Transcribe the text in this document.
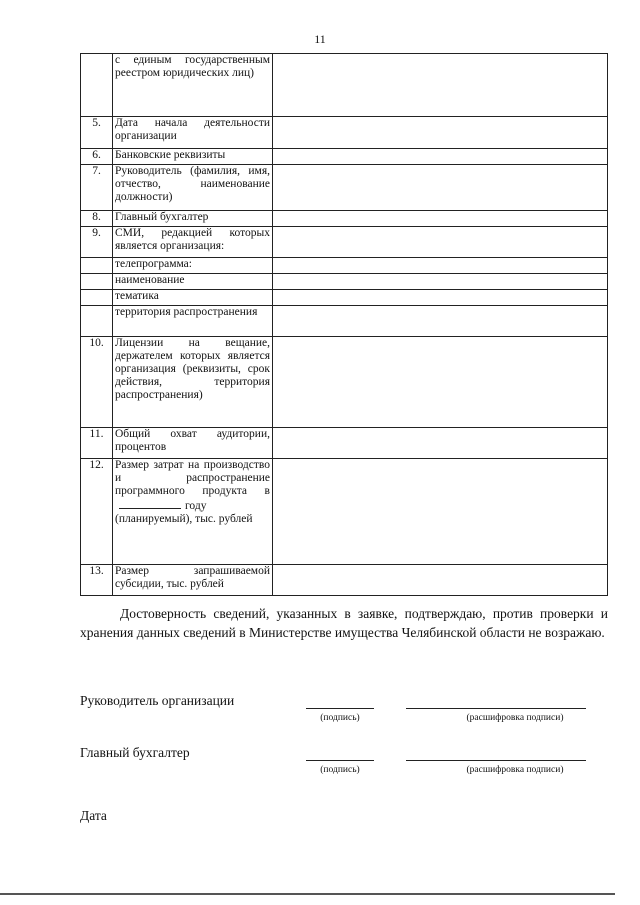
11
	с единым государственным реестром юридических лиц)	
5.	Дата начала деятельности организации	
6.	Банковские реквизиты	
7.	Руководитель (фамилия, имя, отчество, наименование должности)	
8.	Главный бухгалтер	
9.	СМИ, редакцией которых является организация:	
	телепрограмма:	
	наименование	
	тематика	
	территория распространения	
10.	Лицензии на вещание, держателем которых является организация (реквизиты, срок действия, территория распространения)	
11.	Общий охват аудитории, процентов	
12.	Размер затрат на производство и распространение программного продукта вгоду (планируемый), тыс. рублей	
13.	Размер запрашиваемой субсидии, тыс. рублей	
Достоверность сведений, указанных в заявке, подтверждаю, против проверки и хранения данных сведений в Министерстве имущества Челябинской области не возражаю.
Руководитель организации
(подпись)	(расшифровка подписи)
Главный бухгалтер
(подпись)	(расшифровка подписи)
Дата
